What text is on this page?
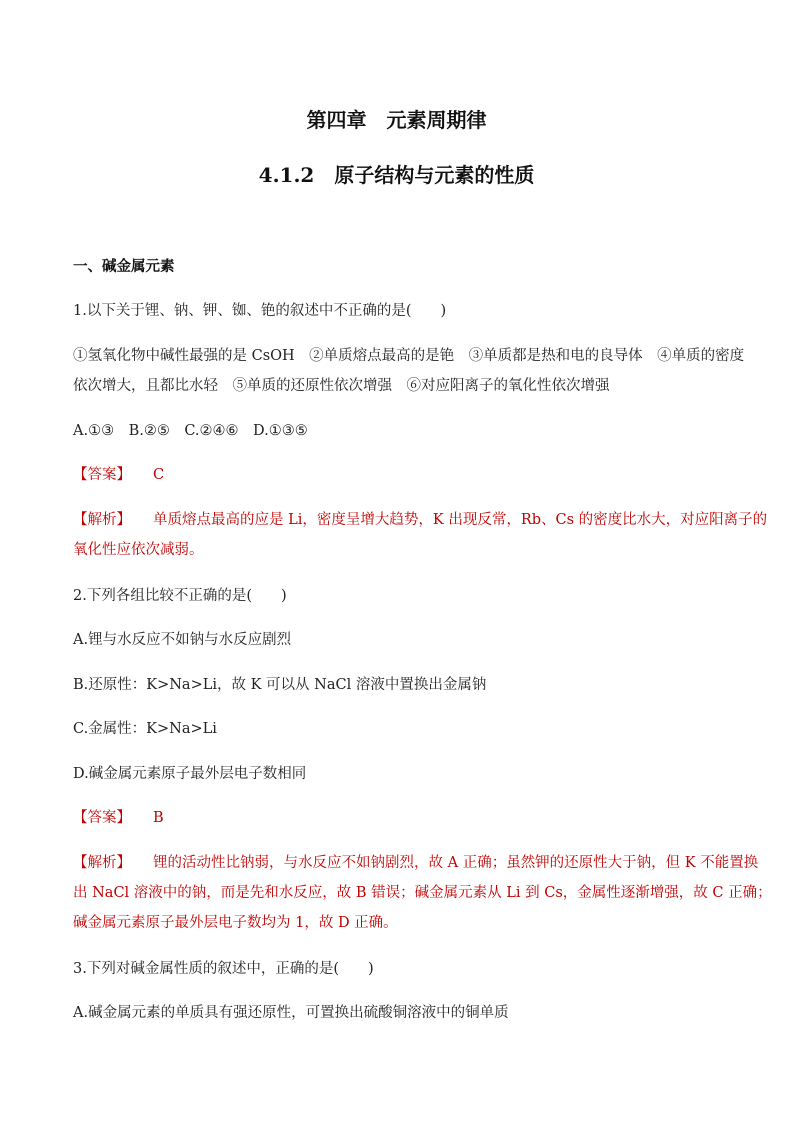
第四章　元素周期律
4.1.2　原子结构与元素的性质
一、碱金属元素
1.以下关于锂、钠、钾、铷、铯的叙述中不正确的是(　　)
①氢氧化物中碱性最强的是 CsOH　②单质熔点最高的是铯　③单质都是热和电的良导体　④单质的密度
依次增大，且都比水轻　⑤单质的还原性依次增强　⑥对应阳离子的氧化性依次增强
A.①③　B.②⑤　C.②④⑥　D.①③⑤
【答案】 C
【解析】 单质熔点最高的应是 Li，密度呈增大趋势，K 出现反常，Rb、Cs 的密度比水大，对应阳离子的
氧化性应依次减弱。
2.下列各组比较不正确的是(　　)
A.锂与水反应不如钠与水反应剧烈
B.还原性：K>Na>Li，故 K 可以从 NaCl 溶液中置换出金属钠
C.金属性：K>Na>Li
D.碱金属元素原子最外层电子数相同
【答案】 B
【解析】 锂的活动性比钠弱，与水反应不如钠剧烈，故 A 正确；虽然钾的还原性大于钠，但 K 不能置换
出 NaCl 溶液中的钠，而是先和水反应，故 B 错误；碱金属元素从 Li 到 Cs，金属性逐渐增强，故 C 正确；
碱金属元素原子最外层电子数均为 1，故 D 正确。
3.下列对碱金属性质的叙述中，正确的是(　　)
A.碱金属元素的单质具有强还原性，可置换出硫酸铜溶液中的铜单质
